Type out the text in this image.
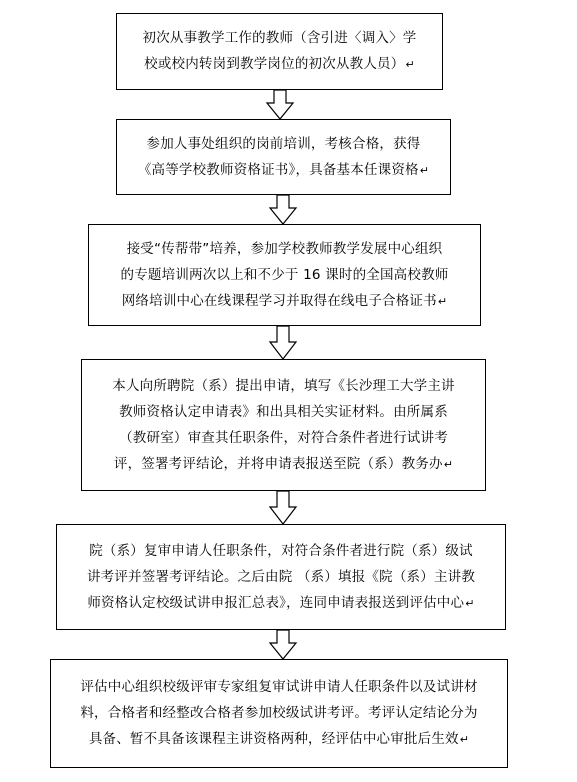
初次从事教学工作的教师（含引进〈调入〉学
校或校内转岗到教学岗位的初次从教人员）↵
参加人事处组织的岗前培训，考核合格，获得
《高等学校教师资格证书》，具备基本任课资格↵
接受“传帮带”培养，参加学校教师教学发展中心组织
的专题培训两次以上和不少于 16 课时的全国高校教师
网络培训中心在线课程学习并取得在线电子合格证书↵
本人向所聘院（系）提出申请，填写《长沙理工大学主讲
教师资格认定申请表》和出具相关实证材料。由所属系
（教研室）审查其任职条件，对符合条件者进行试讲考
评，签署考评结论，并将申请表报送至院（系）教务办↵
院（系）复审申请人任职条件，对符合条件者进行院（系）级试
讲考评并签署考评结论。之后由院 （系）填报《院（系）主讲教
师资格认定校级试讲申报汇总表》，连同申请表报送到评估中心↵
评估中心组织校级评审专家组复审试讲申请人任职条件以及试讲材
料，合格者和经整改合格者参加校级试讲考评。考评认定结论分为
具备、暂不具备该课程主讲资格两种，经评估中心审批后生效↵
